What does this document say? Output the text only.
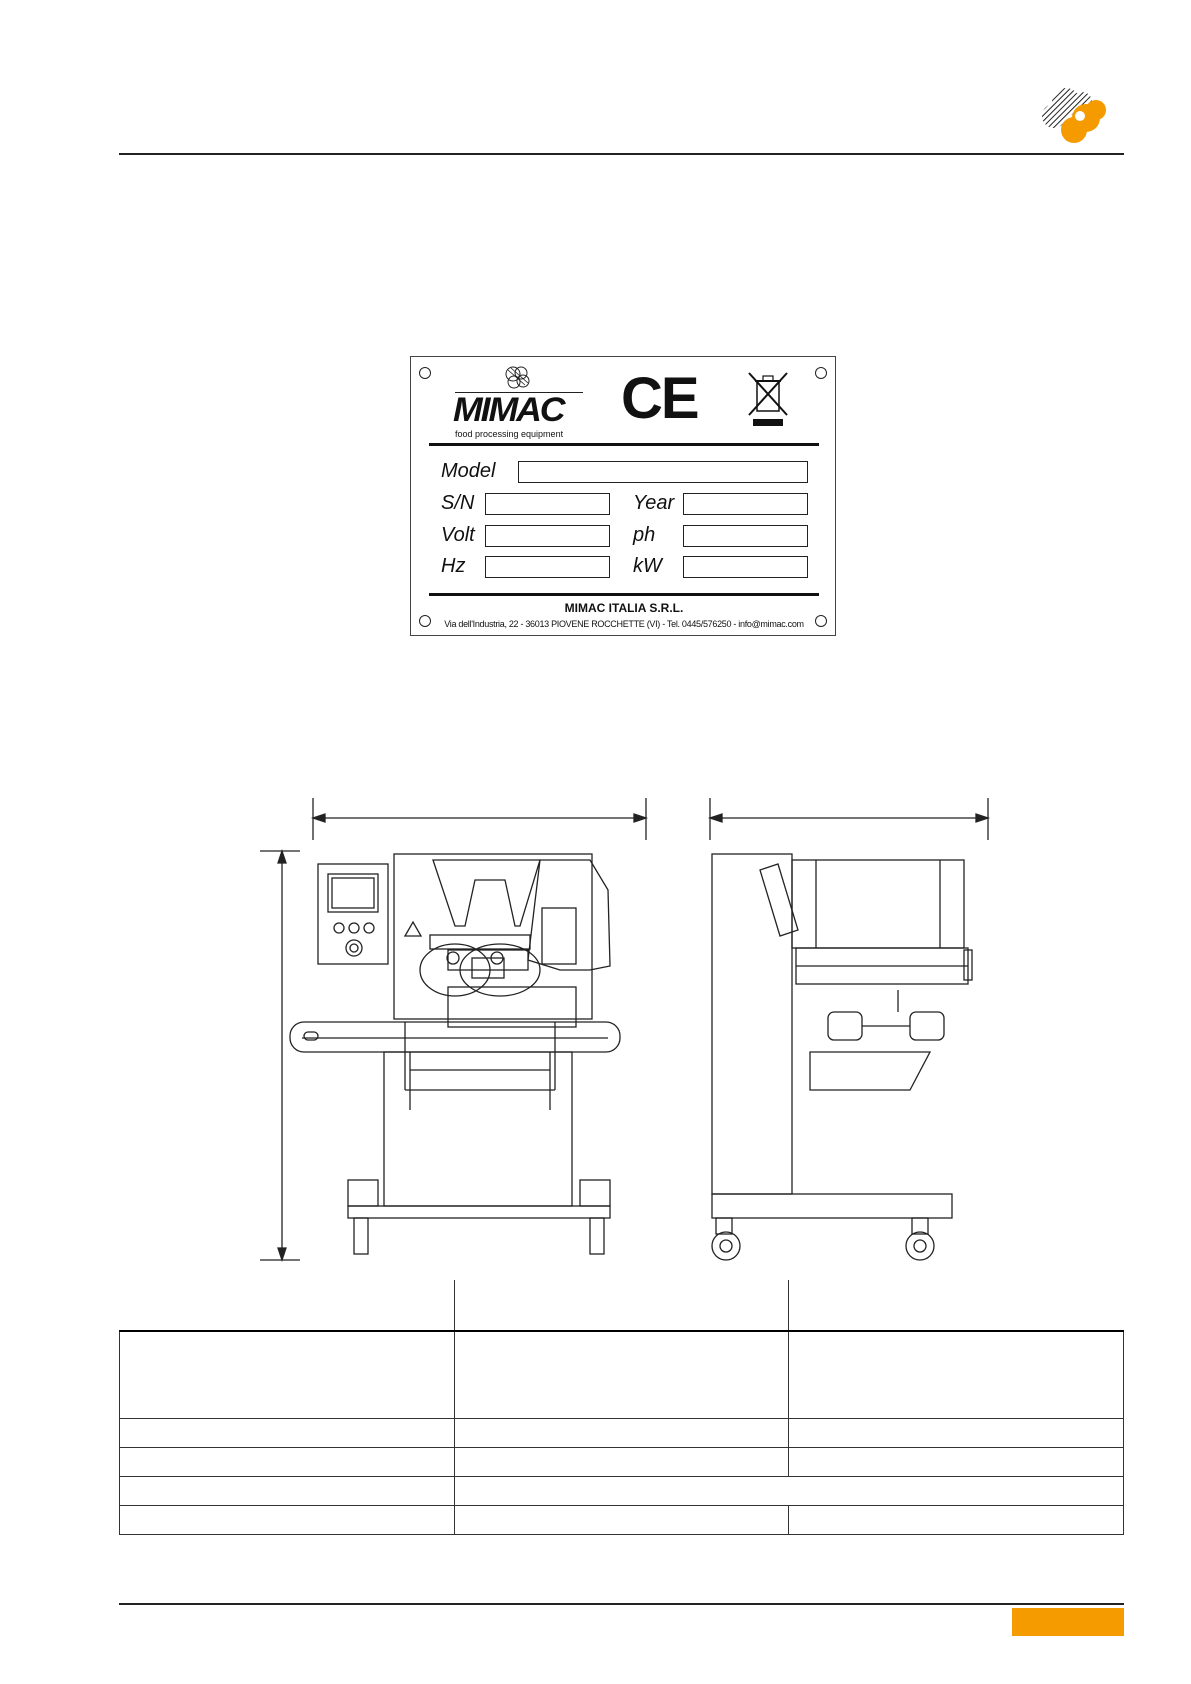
MIMAC
food processing equipment
CE
Model
S/N	Year
Volt	ph
Hz	kW
MIMAC ITALIA S.R.L.
Via dell'Industria, 22 - 36013 PIOVENE ROCCHETTE (VI) - Tel. 0445/576250 - info@mimac.com
